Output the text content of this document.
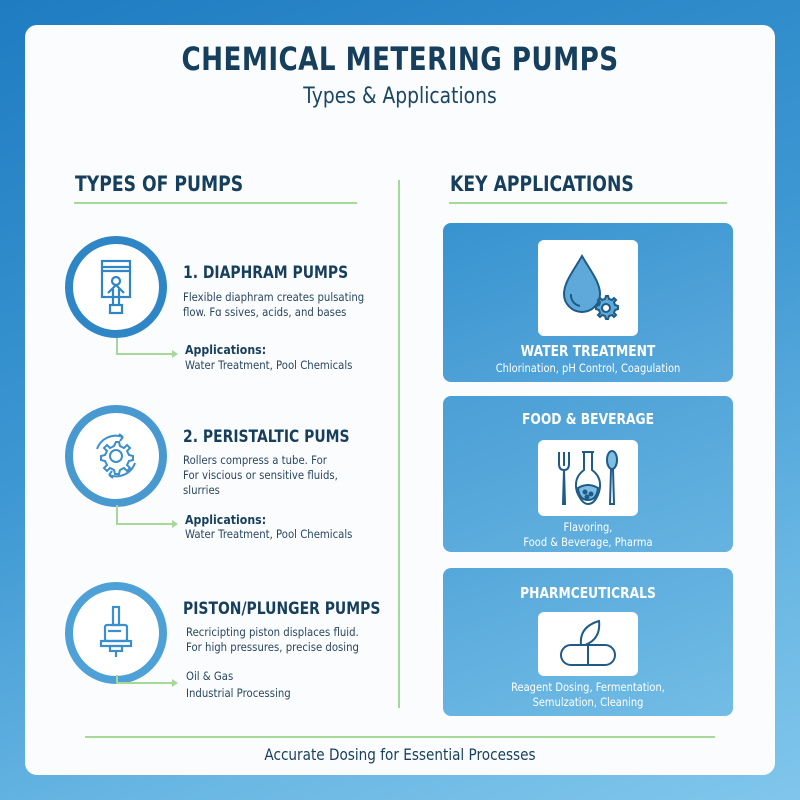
CHEMICAL METERING PUMPS
Types & Applications
TYPES OF PUMPS	KEY APPLICATIONS
1. DIAPHRAM PUMPS
Flexible diaphram creates pulsating
flow. Fɑ ssives, acids, and bases
Applications:
Water Treatment, Pool Chemicals
2. PERISTALTIC PUMS
Rollers compress a tube. For
For viscious or sensitive fluids,
slurries
Applications:
Water Treatment, Pool Chemicals
PISTON/PLUNGER PUMPS
Recricipting piston displaces fluid.
For high pressures, precise dosing
Oil & Gas
Industrial Processing
WATER TREATMENT
Chlorination, pH Control, Coagulation
FOOD & BEVERAGE
Flavoring,
Food & Beverage, Pharma
PHARMCEUTICRALS
Reagent Dosing, Fermentation,
Semulzation, Cleaning
Accurate Dosing for Essential Processes
